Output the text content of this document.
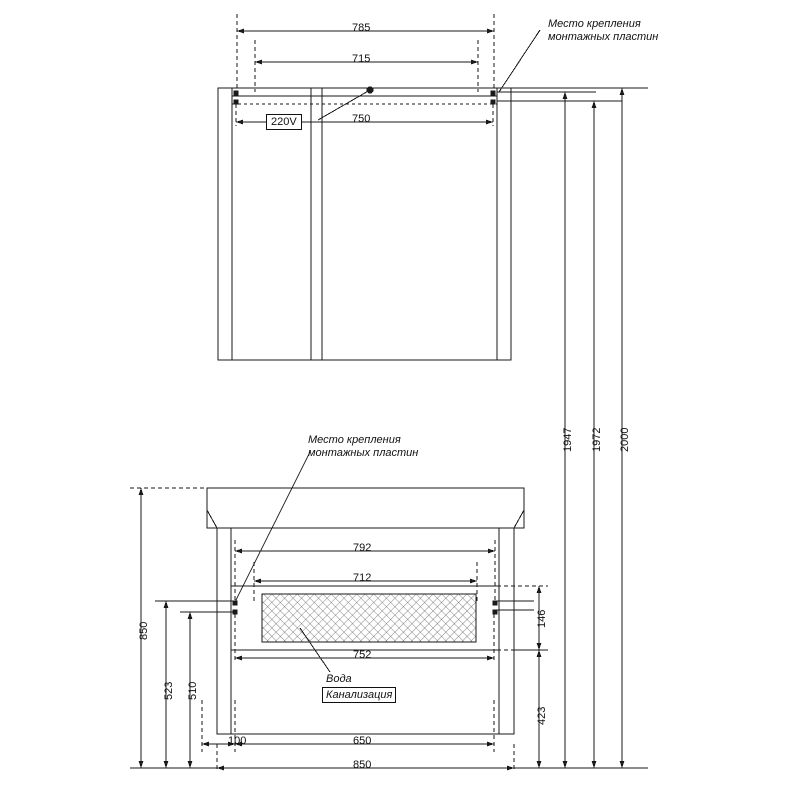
Место крепления
монтажных пластин
785
715
750
220V
1947 1972 2000
Место крепления
монтажных пластин
792
712
752
650
100
850
850
523 510
146
423
Вода
Канализация
